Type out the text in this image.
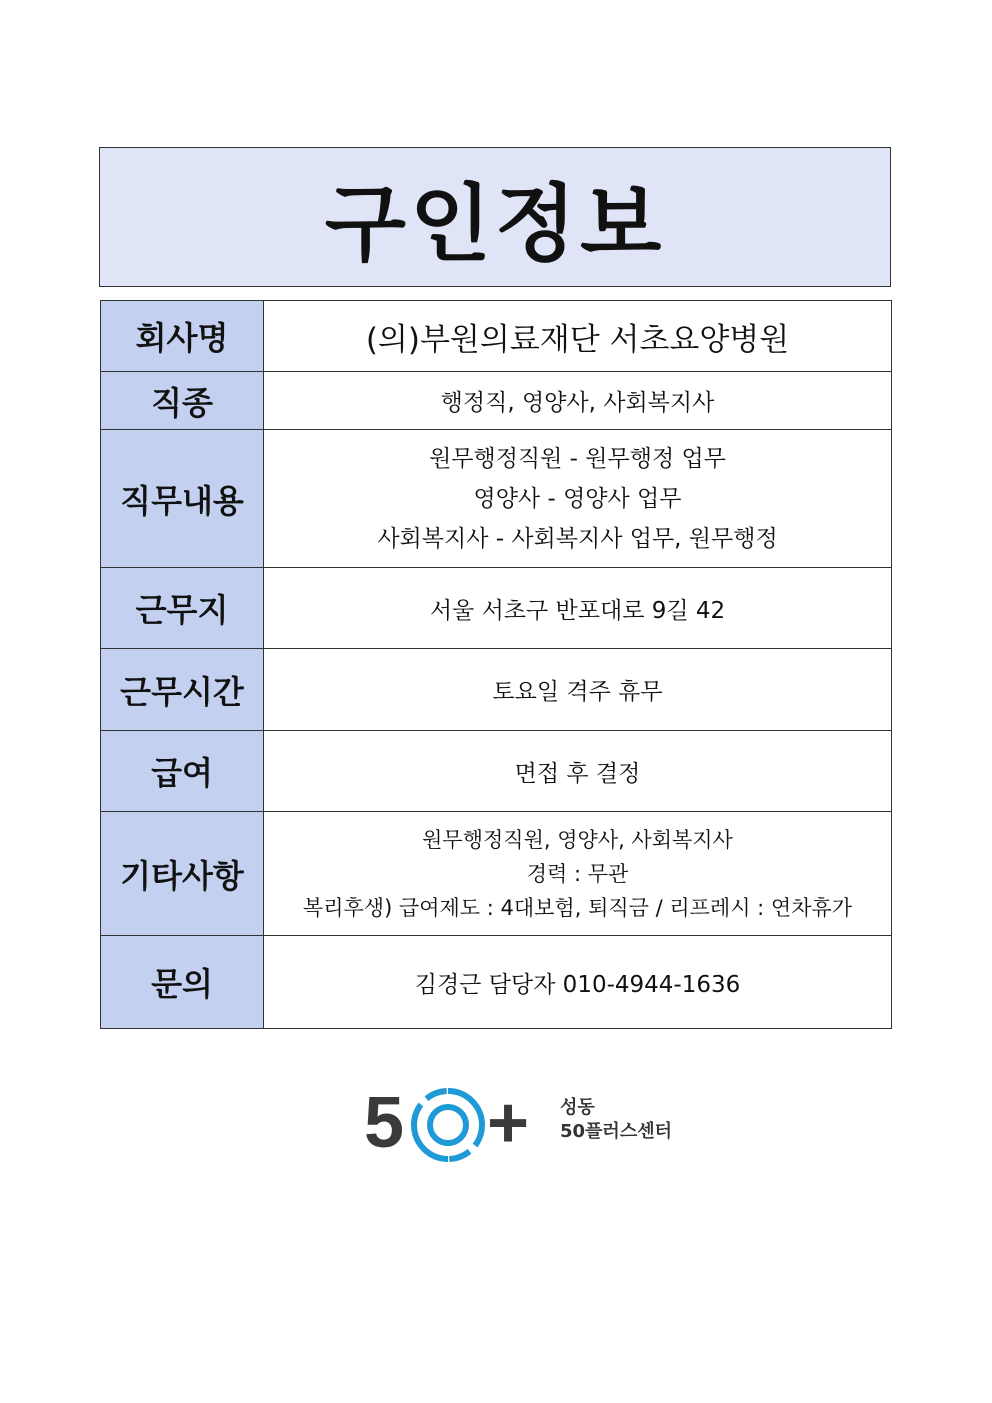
구인정보
회사명	(의)부원의료재단 서초요양병원

직종	행정직, 영양사, 사회복지사

직무내용	원무행정직원 - 원무행정 업무
영양사 - 영양사 업무
사회복지사 - 사회복지사 업무, 원무행정

근무지	서울 서초구 반포대로 9길 42

근무시간	토요일 격주 휴무

급여	면접 후 결정

기타사항	원무행정직원, 영양사, 사회복지사
경력 : 무관
복리후생) 급여제도 : 4대보험, 퇴직금 / 리프레시 : 연차휴가

문의	김경근 담당자 010-4944-1636
5 + 성동
50플러스센터
